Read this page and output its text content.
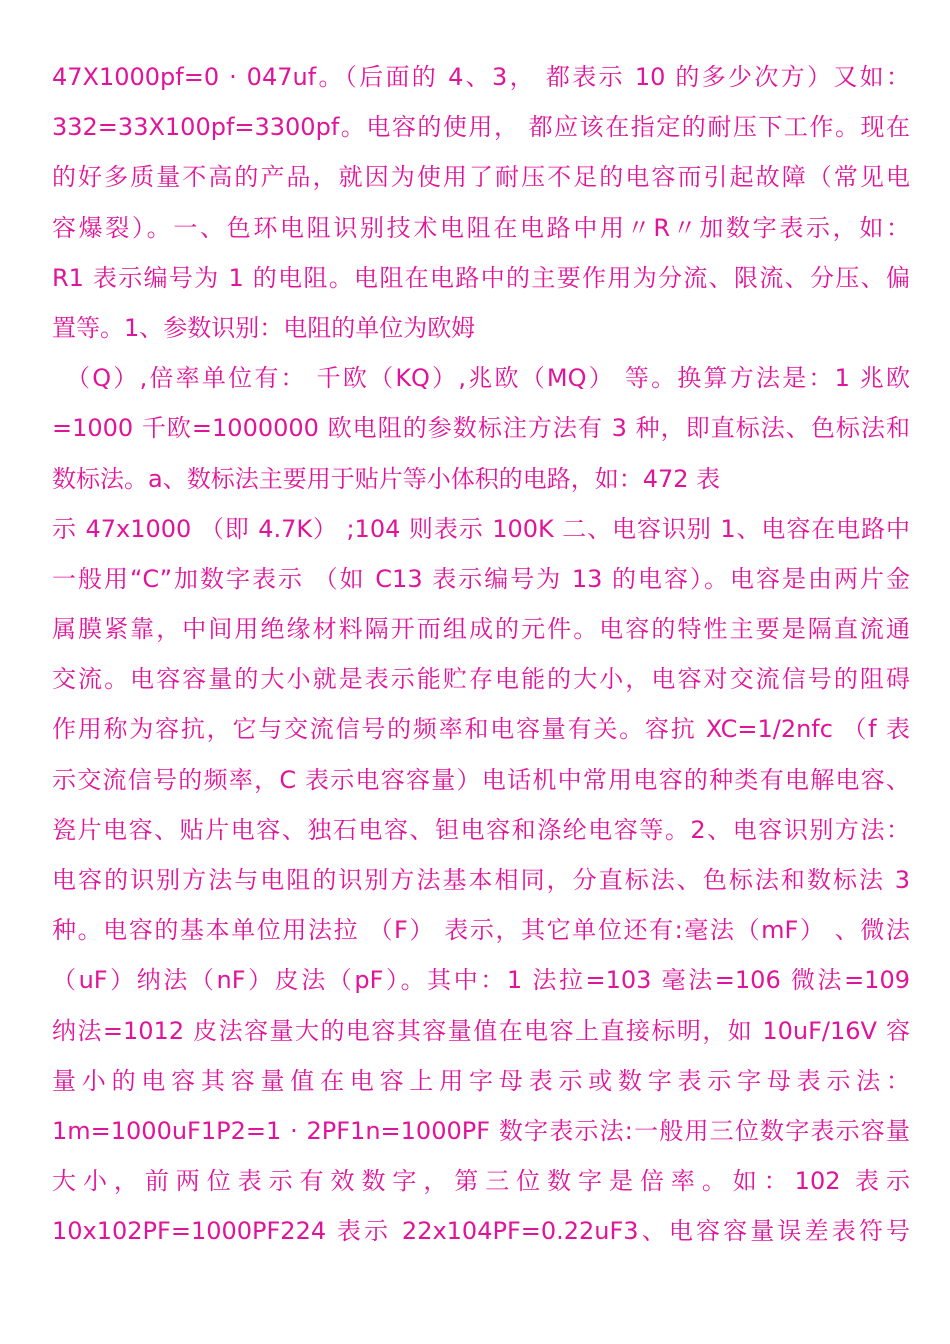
47X1000pf=0 · 047uf。（后面的 4、3， 都表示 10 的多少次方）又如：
332=33X100pf=3300pf。电容的使用， 都应该在指定的耐压下工作。现在
的好多质量不高的产品，就因为使用了耐压不足的电容而引起故障（常见电
容爆裂）。一、色环电阻识别技术电阻在电路中用〃R〃加数字表示，如：
R1 表示编号为 1 的电阻。电阻在电路中的主要作用为分流、限流、分压、偏
置等。1、参数识别：电阻的单位为欧姆
（Q）,倍率单位有： 千欧（KQ）,兆欧（MQ） 等。换算方法是：1 兆欧
=1000 千欧=1000000 欧电阻的参数标注方法有 3 种，即直标法、色标法和
数标法。a、数标法主要用于贴片等小体积的电路，如：472 表
示 47x1000 （即 4.7K） ;104 则表示 100K 二、电容识别 1、电容在电路中
一般用“C”加数字表示 （如 C13 表示编号为 13 的电容）。电容是由两片金
属膜紧靠，中间用绝缘材料隔开而组成的元件。电容的特性主要是隔直流通
交流。电容容量的大小就是表示能贮存电能的大小，电容对交流信号的阻碍
作用称为容抗，它与交流信号的频率和电容量有关。容抗 XC=1/2nfc （f 表
示交流信号的频率，C 表示电容容量）电话机中常用电容的种类有电解电容、
瓷片电容、贴片电容、独石电容、钽电容和涤纶电容等。2、电容识别方法：
电容的识别方法与电阻的识别方法基本相同，分直标法、色标法和数标法 3
种。电容的基本单位用法拉 （F） 表示，其它单位还有:毫法（mF） 、微法
（uF）纳法（nF）皮法（pF）。其中：1 法拉=103 毫法=106 微法=109
纳法=1012 皮法容量大的电容其容量值在电容上直接标明，如 10uF/16V 容
量小的电容其容量值在电容上用字母表示或数字表示字母表示法：
1m=1000uF1P2=1 · 2PF1n=1000PF 数字表示法:一般用三位数字表示容量
大小，前两位表示有效数字，第三位数字是倍率。如：102 表示
10x102PF=1000PF224 表示 22x104PF=0.22uF3、电容容量误差表符号
